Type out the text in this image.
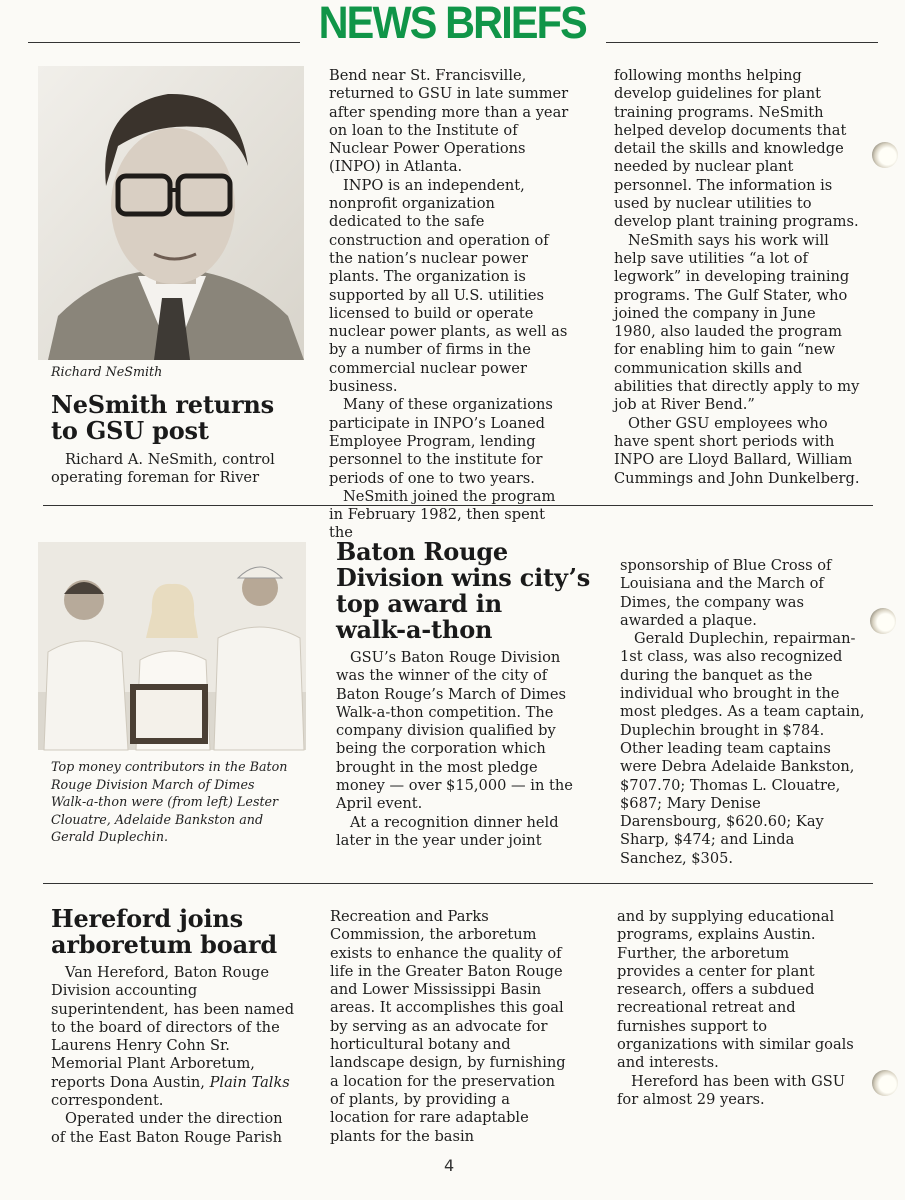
NEWS BRIEFS
Richard NeSmith
NeSmith returns
to GSU post

Richard A. NeSmith, control operating foreman for River

Bend near St. Francisville, returned to GSU in late summer after spending more than a year on loan to the Institute of Nuclear Power Operations (INPO) in Atlanta.

INPO is an independent, nonprofit organization dedicated to the safe construction and operation of the nation’s nuclear power plants. The organization is supported by all U.S. utilities licensed to build or operate nuclear power plants, as well as by a number of firms in the commercial nuclear power business.

Many of these organizations participate in INPO’s Loaned Employee Program, lending personnel to the institute for periods of one to two years.

NeSmith joined the program in February 1982, then spent the

following months helping develop guidelines for plant training programs. NeSmith helped develop documents that detail the skills and knowledge needed by nuclear plant personnel. The information is used by nuclear utilities to develop plant training programs.

NeSmith says his work will help save utilities “a lot of legwork” in developing training programs. The Gulf Stater, who joined the company in June 1980, also lauded the program for enabling him to gain “new communication skills and abilities that directly apply to my job at River Bend.”

Other GSU employees who have spent short periods with INPO are Lloyd Ballard, William Cummings and John Dunkelberg.

Top money contributors in the Baton Rouge Division March of Dimes Walk-a-thon were (from left) Lester Clouatre, Adelaide Bankston and Gerald Duplechin.
Baton Rouge
Division wins city’s
top award in
walk-a-thon

GSU’s Baton Rouge Division was the winner of the city of Baton Rouge’s March of Dimes Walk-a-thon competition. The company division qualified by being the corporation which brought in the most pledge money — over $15,000 — in the April event.

At a recognition dinner held later in the year under joint

sponsorship of Blue Cross of Louisiana and the March of Dimes, the company was awarded a plaque.

Gerald Duplechin, repairman-1st class, was also recognized during the banquet as the individual who brought in the most pledges. As a team captain, Duplechin brought in $784. Other leading team captains were Debra Adelaide Bankston, $707.70; Thomas L. Clouatre, $687; Mary Denise Darensbourg, $620.60; Kay Sharp, $474; and Linda Sanchez, $305.

Hereford joins
arboretum board

Van Hereford, Baton Rouge Division accounting superintendent, has been named to the board of directors of the Laurens Henry Cohn Sr. Memorial Plant Arboretum, reports Dona Austin, Plain Talks correspondent.

Operated under the direction of the East Baton Rouge Parish

Recreation and Parks Commission, the arboretum exists to enhance the quality of life in the Greater Baton Rouge and Lower Mississippi Basin areas. It accomplishes this goal by serving as an advocate for horticultural botany and landscape design, by furnishing a location for the preservation of plants, by providing a location for rare adaptable plants for the basin

and by supplying educational programs, explains Austin. Further, the arboretum provides a center for plant research, offers a subdued recreational retreat and furnishes support to organizations with similar goals and interests.

Hereford has been with GSU for almost 29 years.

4
